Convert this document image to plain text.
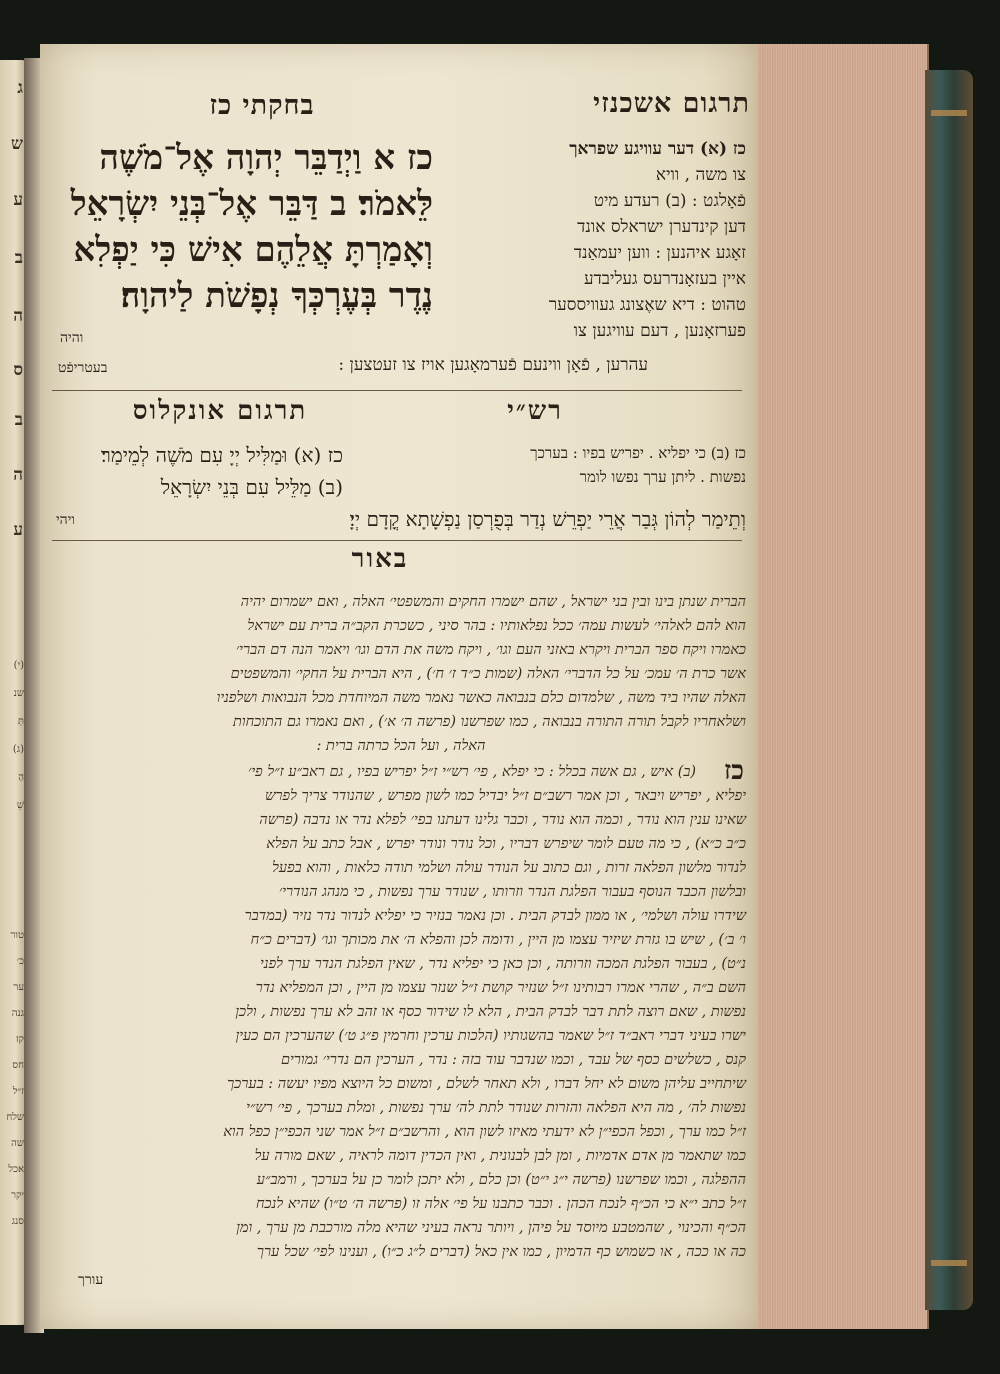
ג
ש
ע
ב
ה
ס
ב
ה
ע
(י)
שנ
תְּ
(ג)
הַ
שֵׁ
טור
כ׳
ער
גנה
קז
חס
ז״ל
שלח
שה
אכל
יקר
סנג
בחקתי כז	תרגום אשכנזי
כז א וַיְדַבֵּר יְהוָה אֶל־מֹשֶׁה
לֵּאמֹר׃ ב דַּבֵּר אֶל־בְּנֵי יִשְׂרָאֵל
וְאָמַרְתָּ אֲלֵהֶם אִישׁ כִּי יַפְלִא
נֶדֶר בְּעֶרְכְּךָ נְפָשֹׁת לַיהוָה׃
והיה
כז (א) דער עוויגע שפראך
צו משה , וויא
פֿאָלגט : (ב) רעדע מיט
דען קינדערן ישראלס אונד
זאָגע איהנען : ווען יעמאַנד
איין בעזאָנדרעס געליבדע
טהוט : דיא שאֶצונג געוויססער
פערזאָנען , דעם עוויגען צו
עהרען , פֿאָן ווינעם פֿערמאָגען אויז צו זעטצען :
בעטריפֿט
רש״י
תרגום אונקלוס
כז (ב) כי יפליא . יפריש בפיו : בערכך
נפשות . ליתן ערך נפשו לומר
כז (א) וּמַלִּיל יְיָ עִם מֹשֶׁה לְמֵימַר׃
(ב) מַלֵּיל עִם בְּנֵי יִשְׂרָאֵל
וְתֵימַר לְהוֹן גְּבַר אֲרֵי יַפְרֵשׁ נְדַר בְּפֻרְסַן נַפְשָׁתָא קֳדָם יְיָ׃
ויהי
באור
הברית שנתן בינו ובין בני ישראל , שהם ישמרו החקים והמשפטי׳ האלה , ואם ישמרום יהיה
הוא להם לאלהי׳ לעשות עמה׳ ככל נפלאותיו : בהר סיני , כשכרת הקב״ה ברית עם ישראל
כאמרו ויקח ספר הברית ויקרא באזני העם וגו׳ , ויקח משה את הדם וגו׳ ויאמר הנה דם הברי׳
אשר כרת ה׳ עמכ׳ על כל הדברי׳ האלה (שמות כ״ד ז׳ ח׳) , היא הברית על החקי׳ והמשפטים
האלה שהיו ביד משה , שלמדום כלם בנבואה כאשר נאמר משה המיוחדת מכל הנבואות ושלפניו
ושלאחריו לקבל תורה התורה בנבואה , כמו שפרשנו (פרשה ה׳ א׳) , ואם נאמרו גם התוכחות
האלה , ועל הכל כרתה ברית :
כז
(ב) איש , גם אשה בכלל : כי יפלא , פי׳ רש״י ז״ל יפריש בפיו , גם ראב״ע ז״ל פי׳
יפליא , יפריש ויבאר , וכן אמר רשב״ם ז״ל יבדיל כמו לשון מפרש , שהנודר צריך לפרש
שאינו ענין הוא נודר , וכמה הוא נודר , וכבר גלינו דעתנו בפי׳ לפלא נדר או נדבה (פרשה
כ״ב כ״א) , כי מה טעם לומר שיפרש דבריו , וכל נודר ונודר יפרש , אבל כתב על הפלא
לנדור מלשון הפלאה זרות , וגם כתוב על הנודר עולה ושלמי תודה כלאות , והוא בפעל
ובלשון הכבד הנוסף בעבור הפלגת הנדר וזרותו , שנודר ערך נפשות , כי מנהג הנודרי׳
שידרו עולה ושלמי׳ , או ממון לבדק הבית . וכן נאמר בנזיר כי יפליא לנדור נדר נזיר (במדבר
ו׳ ב׳) , שיש בו גזרת שיזיר עצמו מן היין , ודומה לכן והפלא ה׳ את מכותך וגו׳ (דברים כ״ח
נ״ט) , בעבור הפלגת המכה וזרותה , וכן כאן כי יפליא נדר , שאין הפלגת הנדר ערך לפני
השם ב״ה , שהרי אמרו רבותינו ז״ל שנזיר קושת ז״ל שנזר עצמו מן היין , וכן המפליא נדר
נפשות , שאם רוצה לתת דבר לבדק הבית , הלא לו שידור כסף או זהב לא ערך נפשות , ולכן
ישרו בעיני דברי ראב״ד ז״ל שאמר בהשגותיו (הלכות ערכין וחרמין פ״ג ט׳) שהערכין הם כעין
קנס , כשלשים כסף של עבד , וכמו שנדבר עוד בזה : נדר , הערכין הם נדרי׳ גמורים
שיתחייב עליהן משום לא יחל דברו , ולא תאחר לשלם , ומשום כל היוצא מפיו יעשה : בערכך
נפשות לה׳ , מה היא הפלאה והזרות שנודר לתת לה׳ ערך נפשות , ומלת בערכך , פי׳ רש״י
ז״ל כמו ערך , וכפל הכפי״ן לא ידעתי מאיזו לשון הוא , והרשב״ם ז״ל אמר שני הכפי״ן כפל הוא
כמו שתאמר מן אדם אדמיות , ומן לבן לבנונית , ואין הכדין דומה לראיה , שאם מורה על
ההפלגה , וכמו שפרשנו (פרשה י״ג י״ט) וכן כלם , ולא יתכן לומר כן על בערכך , ורמב״ע
ז״ל כתב י״א כי הכ״ף לנכח הכהן . וכבר כתבנו על פי׳ אלה זו (פרשה ה׳ ט״ו) שהיא לנכח
הכ״ף והכינוי , שהמטבע מיוסד על פיהן , ויותר נראה בעיני שהיא מלה מורכבת מן ערך , ומן
כה או ככה , או כשמוש כף הדמיון , כמו אין כאל (דברים ל״ג כ״ו) , וענינו לפי׳ שכל ערך
עורך
